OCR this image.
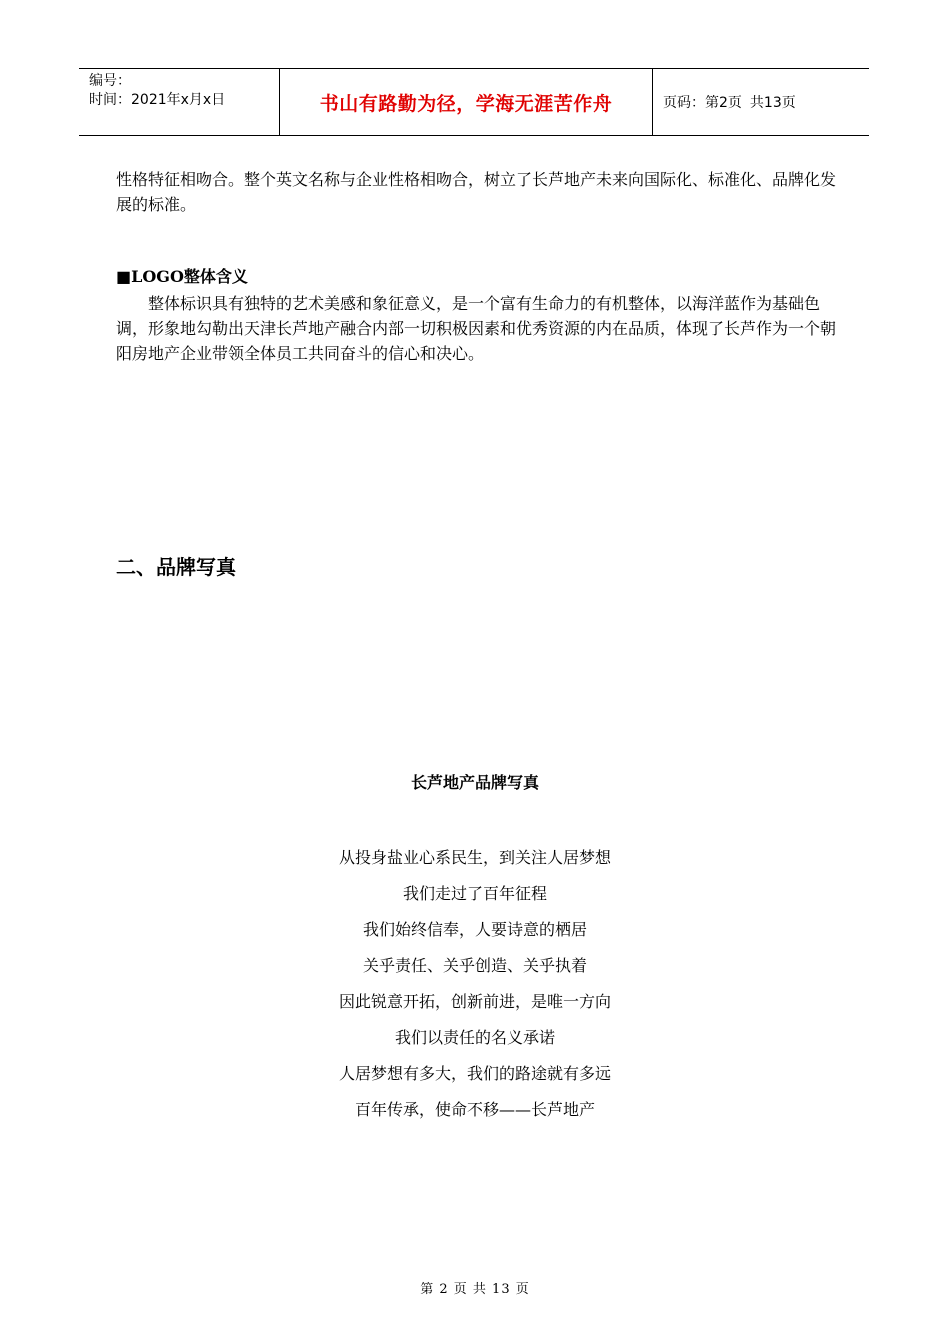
编号：
时间：2021年x月x日	书山有路勤为径，学海无涯苦作舟	页码：第2页 共13页

性格特征相吻合。整个英文名称与企业性格相吻合，树立了长芦地产未来向国际化、标准化、品牌化发展的标准。

■LOGO整体含义

整体标识具有独特的艺术美感和象征意义，是一个富有生命力的有机整体，以海洋蓝作为基础色调，形象地勾勒出天津长芦地产融合内部一切积极因素和优秀资源的内在品质，体现了长芦作为一个朝阳房地产企业带领全体员工共同奋斗的信心和决心。

二、品牌写真
长芦地产品牌写真
从投身盐业心系民生，到关注人居梦想
我们走过了百年征程
我们始终信奉，人要诗意的栖居
关乎责任、关乎创造、关乎执着
因此锐意开拓，创新前进，是唯一方向
我们以责任的名义承诺
人居梦想有多大，我们的路途就有多远
百年传承，使命不移——长芦地产
第 2 页 共 13 页
